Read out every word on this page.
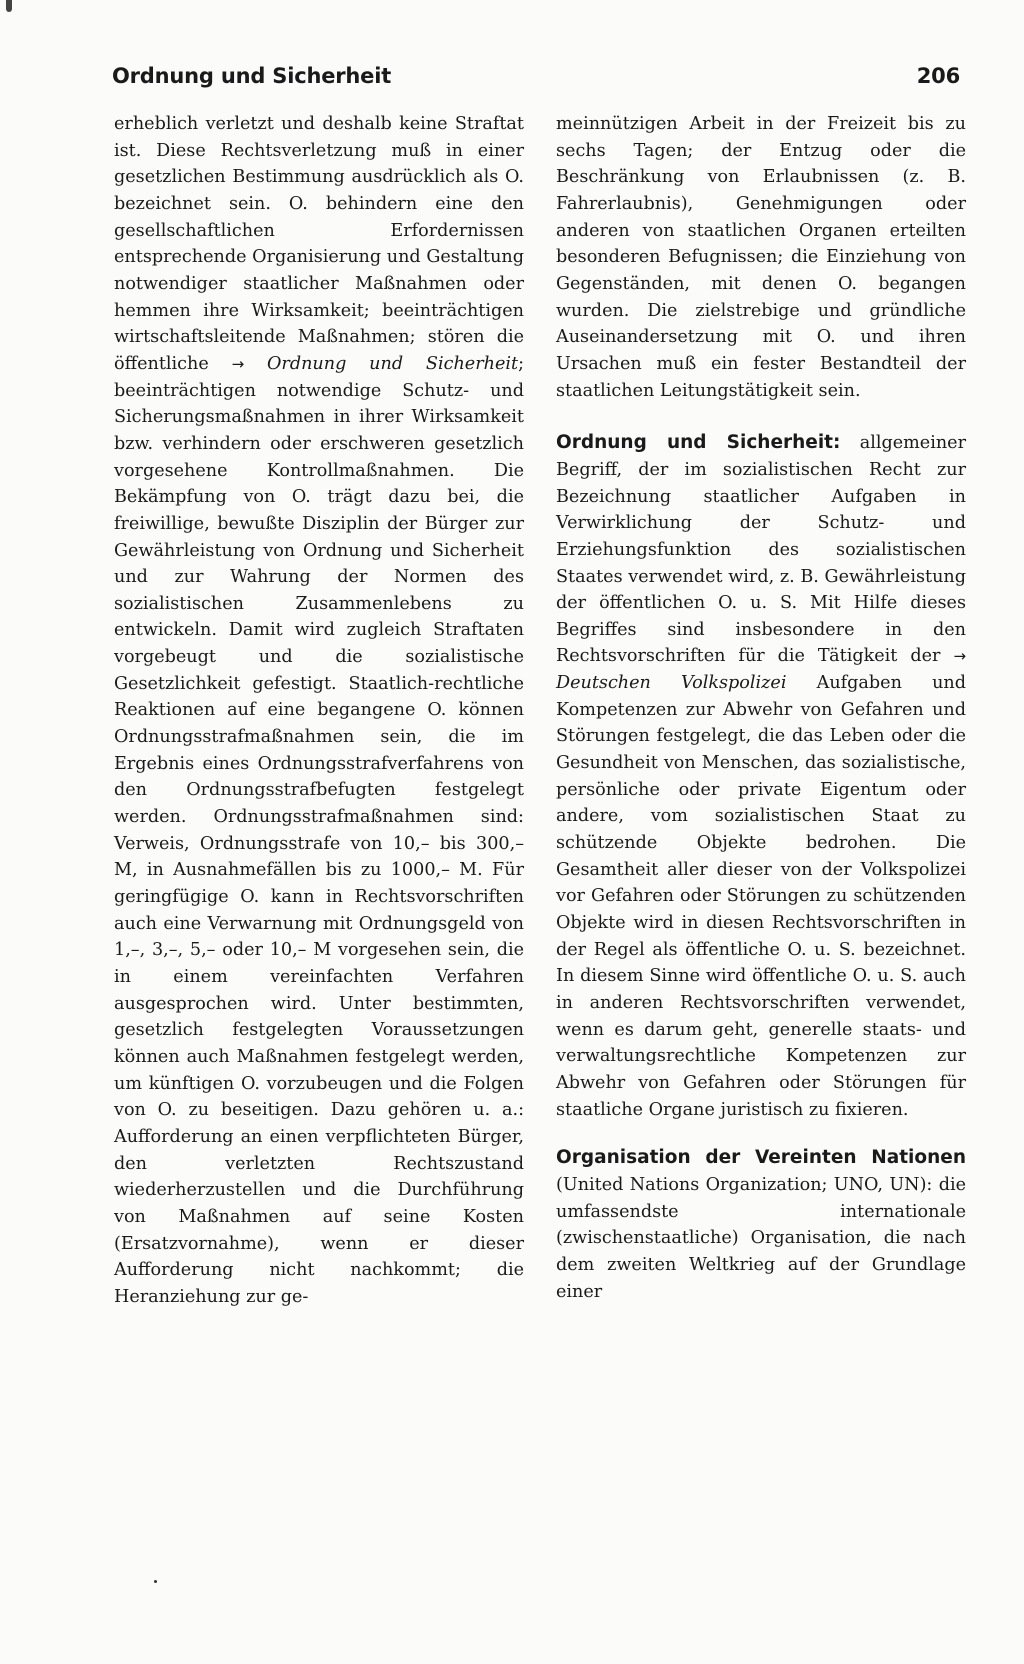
Ordnung und Sicherheit	206

erheblich verletzt und deshalb keine Straftat ist. Diese Rechtsverletzung muß in einer gesetzlichen Bestimmung ausdrücklich als O. bezeichnet sein. O. behindern eine den gesellschaftlichen Erfordernissen entsprechende Organisierung und Gestaltung notwendiger staatlicher Maßnahmen oder hemmen ihre Wirksamkeit; beeinträchtigen wirtschaftsleitende Maßnahmen; stören die öffentliche → Ordnung und Sicherheit; beeinträchtigen notwendige Schutz- und Sicherungsmaßnahmen in ihrer Wirksamkeit bzw. verhindern oder erschweren gesetzlich vorgesehene Kontrollmaßnahmen. Die Bekämpfung von O. trägt dazu bei, die freiwillige, bewußte Disziplin der Bürger zur Gewährleistung von Ordnung und Sicherheit und zur Wahrung der Normen des sozialistischen Zusammenlebens zu entwickeln. Damit wird zugleich Straftaten vorgebeugt und die sozialistische Gesetzlichkeit gefestigt. Staatlich-rechtliche Reaktionen auf eine begangene O. können Ordnungsstrafmaßnahmen sein, die im Ergebnis eines Ordnungsstrafverfahrens von den Ordnungsstrafbefugten festgelegt werden. Ordnungsstrafmaßnahmen sind: Verweis, Ordnungsstrafe von 10,– bis 300,– M, in Ausnahmefällen bis zu 1000,– M. Für geringfügige O. kann in Rechtsvorschriften auch eine Verwarnung mit Ordnungsgeld von 1,–, 3,–, 5,– oder 10,– M vorgesehen sein, die in einem vereinfachten Verfahren ausgesprochen wird. Unter bestimmten, gesetzlich festgelegten Voraussetzungen können auch Maßnahmen festgelegt werden, um künftigen O. vorzubeugen und die Folgen von O. zu beseitigen. Dazu gehören u. a.: Aufforderung an einen verpflichteten Bürger, den verletzten Rechtszustand wiederherzustellen und die Durchführung von Maßnahmen auf seine Kosten (Ersatzvornahme), wenn er dieser Aufforderung nicht nachkommt; die Heranziehung zur ge-

meinnützigen Arbeit in der Freizeit bis zu sechs Tagen; der Entzug oder die Beschränkung von Erlaubnissen (z. B. Fahrerlaubnis), Genehmigungen oder anderen von staatlichen Organen erteilten besonderen Befugnissen; die Einziehung von Gegenständen, mit denen O. begangen wurden. Die zielstrebige und gründliche Auseinandersetzung mit O. und ihren Ursachen muß ein fester Bestandteil der staatlichen Leitungstätigkeit sein.

Ordnung und Sicherheit: allgemeiner Begriff, der im sozialistischen Recht zur Bezeichnung staatlicher Aufgaben in Verwirklichung der Schutz- und Erziehungsfunktion des sozialistischen Staates verwendet wird, z. B. Gewährleistung der öffentlichen O. u. S. Mit Hilfe dieses Begriffes sind insbesondere in den Rechtsvorschriften für die Tätigkeit der → Deutschen Volkspolizei Aufgaben und Kompetenzen zur Abwehr von Gefahren und Störungen festgelegt, die das Leben oder die Gesundheit von Menschen, das sozialistische, persönliche oder private Eigentum oder andere, vom sozialistischen Staat zu schützende Objekte bedrohen. Die Gesamtheit aller dieser von der Volkspolizei vor Gefahren oder Störungen zu schützenden Objekte wird in diesen Rechtsvorschriften in der Regel als öffentliche O. u. S. bezeichnet. In diesem Sinne wird öffentliche O. u. S. auch in anderen Rechtsvorschriften verwendet, wenn es darum geht, generelle staats- und verwaltungsrechtliche Kompetenzen zur Abwehr von Gefahren oder Störungen für staatliche Organe juristisch zu fixieren.

Organisation der Vereinten Nationen (United Nations Organization; UNO, UN): die umfassendste internationale (zwischenstaatliche) Organisation, die nach dem zweiten Weltkrieg auf der Grundlage einer
